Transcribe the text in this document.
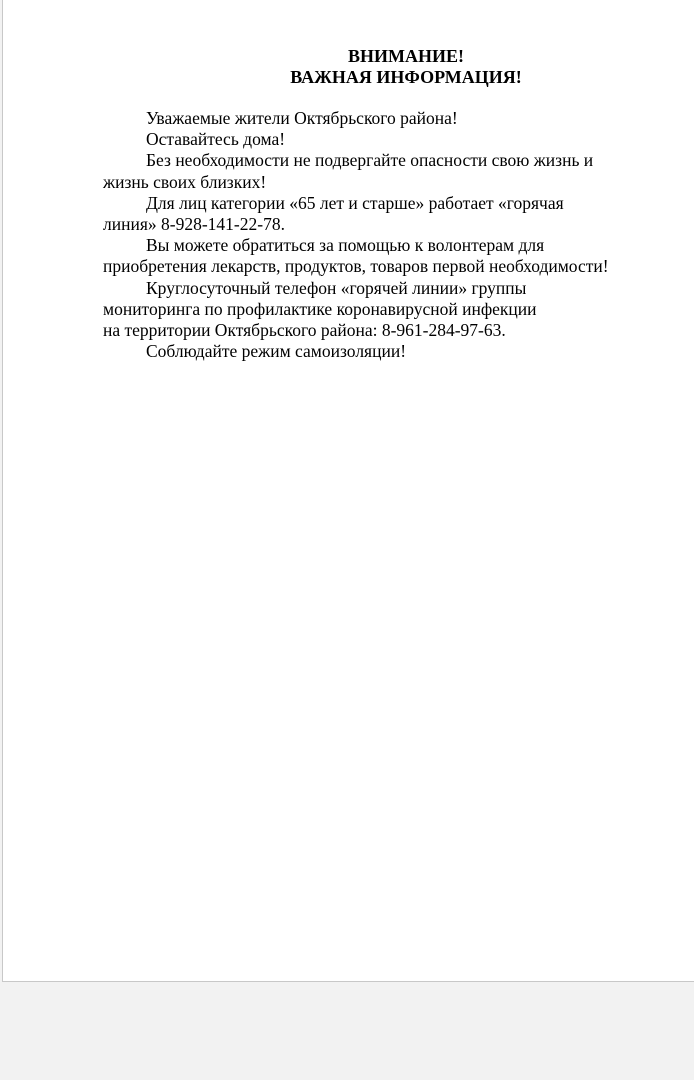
ВНИМАНИЕ!
ВАЖНАЯ ИНФОРМАЦИЯ!

Уважаемые жители Октябрьского района!

Оставайтесь дома!

Без необходимости не подвергайте опасности свою жизнь и

жизнь своих близких!

Для лиц категории «65 лет и старше» работает «горячая

линия» 8-928-141-22-78.

Вы можете обратиться за помощью к волонтерам для

приобретения лекарств, продуктов, товаров первой необходимости!

Круглосуточный телефон «горячей линии» группы

мониторинга по профилактике коронавирусной инфекции
на территории Октябрьского района: 8-961-284-97-63.

Соблюдайте режим самоизоляции!
